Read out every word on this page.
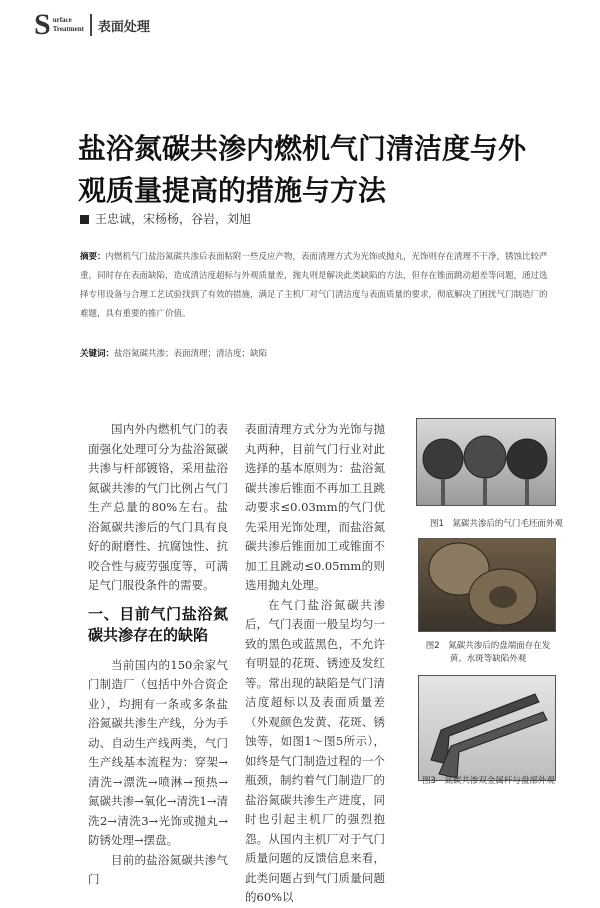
S urface
Treatment 表面处理
盐浴氮碳共渗内燃机气门清洁度与外观质量提高的措施与方法
王忠诚，宋杨杨，谷岩，刘旭
摘要：内燃机气门盐浴氮碳共渗后表面粘附一些反应产物，表面清理方式为光饰或抛丸，光饰则存在清理不干净，锈蚀比较严重，同时存在表面缺陷，造成清洁度超标与外观质量差，抛丸则是解决此类缺陷的方法，但存在锥面跳动超差等问题，通过选择专用设备与合理工艺试验找到了有效的措施，满足了主机厂对气门清洁度与表面质量的要求，彻底解决了困扰气门制造厂的难题，具有重要的推广价值。
关键词：盐浴氮碳共渗；表面清理；清洁度；缺陷

国内外内燃机气门的表面强化处理可分为盐浴氮碳共渗与杆部镀铬，采用盐浴氮碳共渗的气门比例占气门生产总量的80%左右。盐浴氮碳共渗后的气门具有良好的耐磨性、抗腐蚀性、抗咬合性与疲劳强度等，可满足气门服役条件的需要。

一、目前气门盐浴氮碳共渗存在的缺陷

当前国内的150余家气门制造厂（包括中外合资企业），均拥有一条或多条盐浴氮碳共渗生产线，分为手动、自动生产线两类，气门生产线基本流程为：穿架→清洗→漂洗→喷淋→预热→氮碳共渗→氧化→清洗1→清洗2→清洗3→光饰或抛丸→防锈处理→摆盘。

目前的盐浴氮碳共渗气门

表面清理方式分为光饰与抛丸两种，目前气门行业对此选择的基本原则为：盐浴氮碳共渗后锥面不再加工且跳动要求≤0.03mm的气门优先采用光饰处理，而盐浴氮碳共渗后锥面加工或锥面不加工且跳动≤0.05mm的则选用抛丸处理。

在气门盐浴氮碳共渗后，气门表面一般呈均匀一致的黑色或蓝黑色，不允许有明显的花斑、锈迹及发红等。常出现的缺陷是气门清洁度超标以及表面质量差（外观颜色发黄、花斑、锈蚀等，如图1～图5所示），如终是气门制造过程的一个瓶颈，制约着气门制造厂的盐浴氮碳共渗生产进度，同时也引起主机厂的强烈抱怨。从国内主机厂对于气门质量问题的反馈信息来看，此类问题占到气门质量问题的60%以

图1　氮碳共渗后的气门毛坯面外观
图2　氮碳共渗后的盘端面存在发黄、水斑等缺陷外观
图3　氮碳共渗双金属杆与盘部外观
